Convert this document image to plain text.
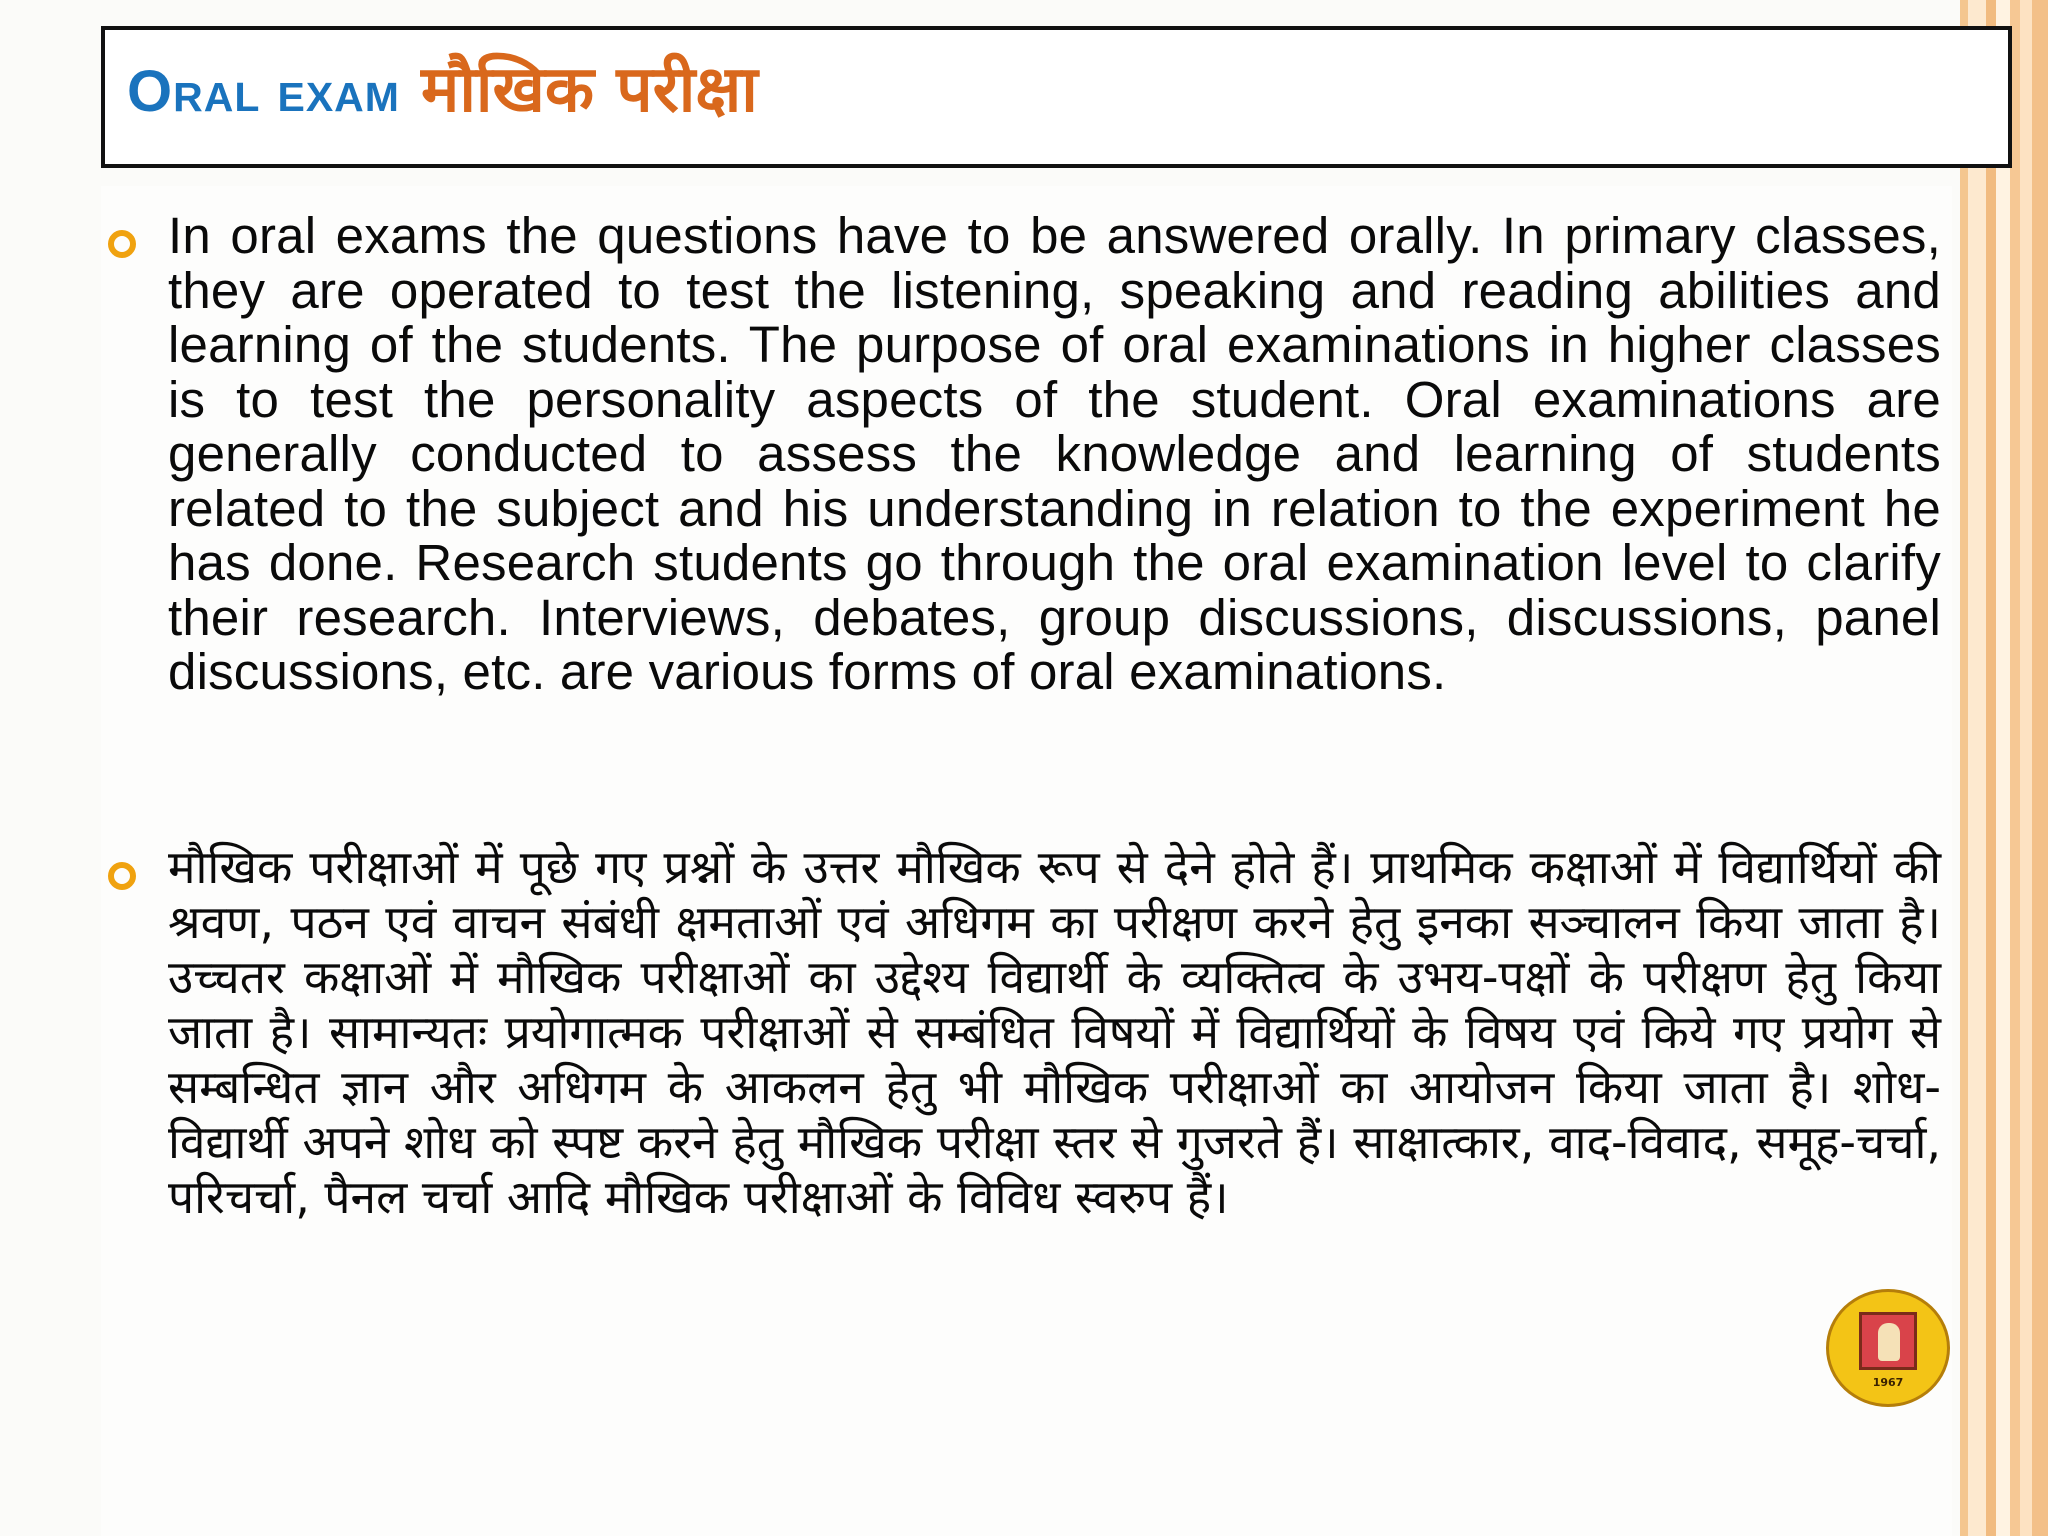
Oral exam मौखिक परीक्षा

In oral exams the questions have to be answered orally. In primary classes, they are operated to test the listening, speaking and reading abilities and learning of the students. The purpose of oral examinations in higher classes is to test the personality aspects of the student. Oral examinations are generally conducted to assess the knowledge and learning of students related to the subject and his understanding in relation to the experiment he has done. Research students go through the oral examination level to clarify their research. Interviews, debates, group discussions, discussions, panel discussions, etc. are various forms of oral examinations.

मौखिक परीक्षाओं में पूछे गए प्रश्नों के उत्तर मौखिक रूप से देने होते हैं। प्राथमिक कक्षाओं में विद्यार्थियों की श्रवण, पठन एवं वाचन संबंधी क्षमताओं एवं अधिगम का परीक्षण करने हेतु इनका सञ्चालन किया जाता है। उच्चतर कक्षाओं में मौखिक परीक्षाओं का उद्देश्य विद्यार्थी के व्यक्तित्व के उभय-पक्षों के परीक्षण हेतु किया जाता है। सामान्यतः प्रयोगात्मक परीक्षाओं से सम्बंधित विषयों में विद्यार्थियों के विषय एवं किये गए प्रयोग से सम्बन्धित ज्ञान और अधिगम के आकलन हेतु भी मौखिक परीक्षाओं का आयोजन किया जाता है। शोध-विद्यार्थी अपने शोध को स्पष्ट करने हेतु मौखिक परीक्षा स्तर से गुजरते हैं। साक्षात्कार, वाद-विवाद, समूह-चर्चा, परिचर्चा, पैनल चर्चा आदि मौखिक परीक्षाओं के विविध स्वरुप हैं।

1967
